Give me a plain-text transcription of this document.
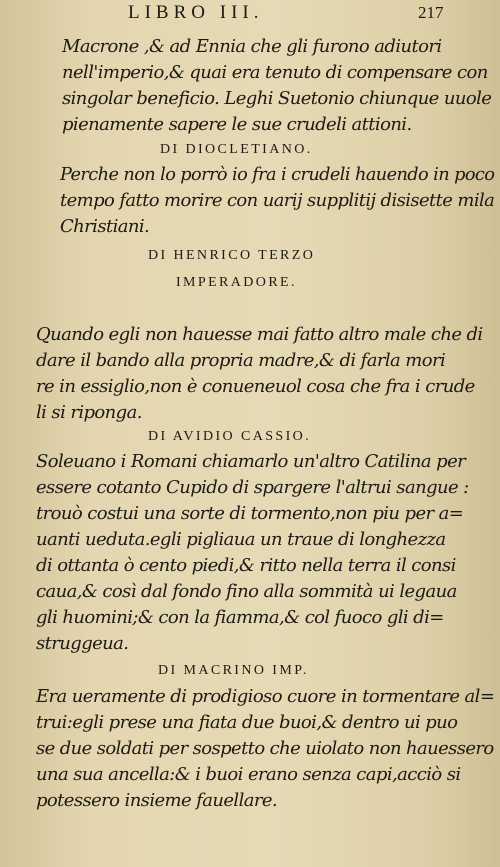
LIBRO III.	217
Macrone ,& ad Ennia che gli furono adiutori
nell'imperio,& quai era tenuto di compensare con
singolar beneficio. Leghi Suetonio chiunque uuole
pienamente sapere le sue crudeli attioni.
DI DIOCLETIANO.
Perche non lo porrò io fra i crudeli hauendo in poco
tempo fatto morire con uarij supplitij disisette mila
Christiani.
DI HENRICO TERZO
IMPERADORE.
Quando egli non hauesse mai fatto altro male che di
dare il bando alla propria madre,& di farla mori
re in essiglio,non è conueneuol cosa che fra i crude
li si riponga.
DI AVIDIO CASSIO.
Soleuano i Romani chiamarlo un'altro Catilina per
essere cotanto Cupido di spargere l'altrui sangue :
trouò costui una sorte di tormento,non piu per a=
uanti ueduta.egli pigliaua un traue di longhezza
di ottanta ò cento piedi,& ritto nella terra il consi
caua,& così dal fondo fino alla sommità ui legaua
gli huomini;& con la fiamma,& col fuoco gli di=
struggeua.
DI MACRINO IMP.
Era ueramente di prodigioso cuore in tormentare al=
trui:egli prese una fiata due buoi,& dentro ui puo
se due soldati per sospetto che uiolato non hauessero
una sua ancella:& i buoi erano senza capi,acciò si
potessero insieme fauellare.
